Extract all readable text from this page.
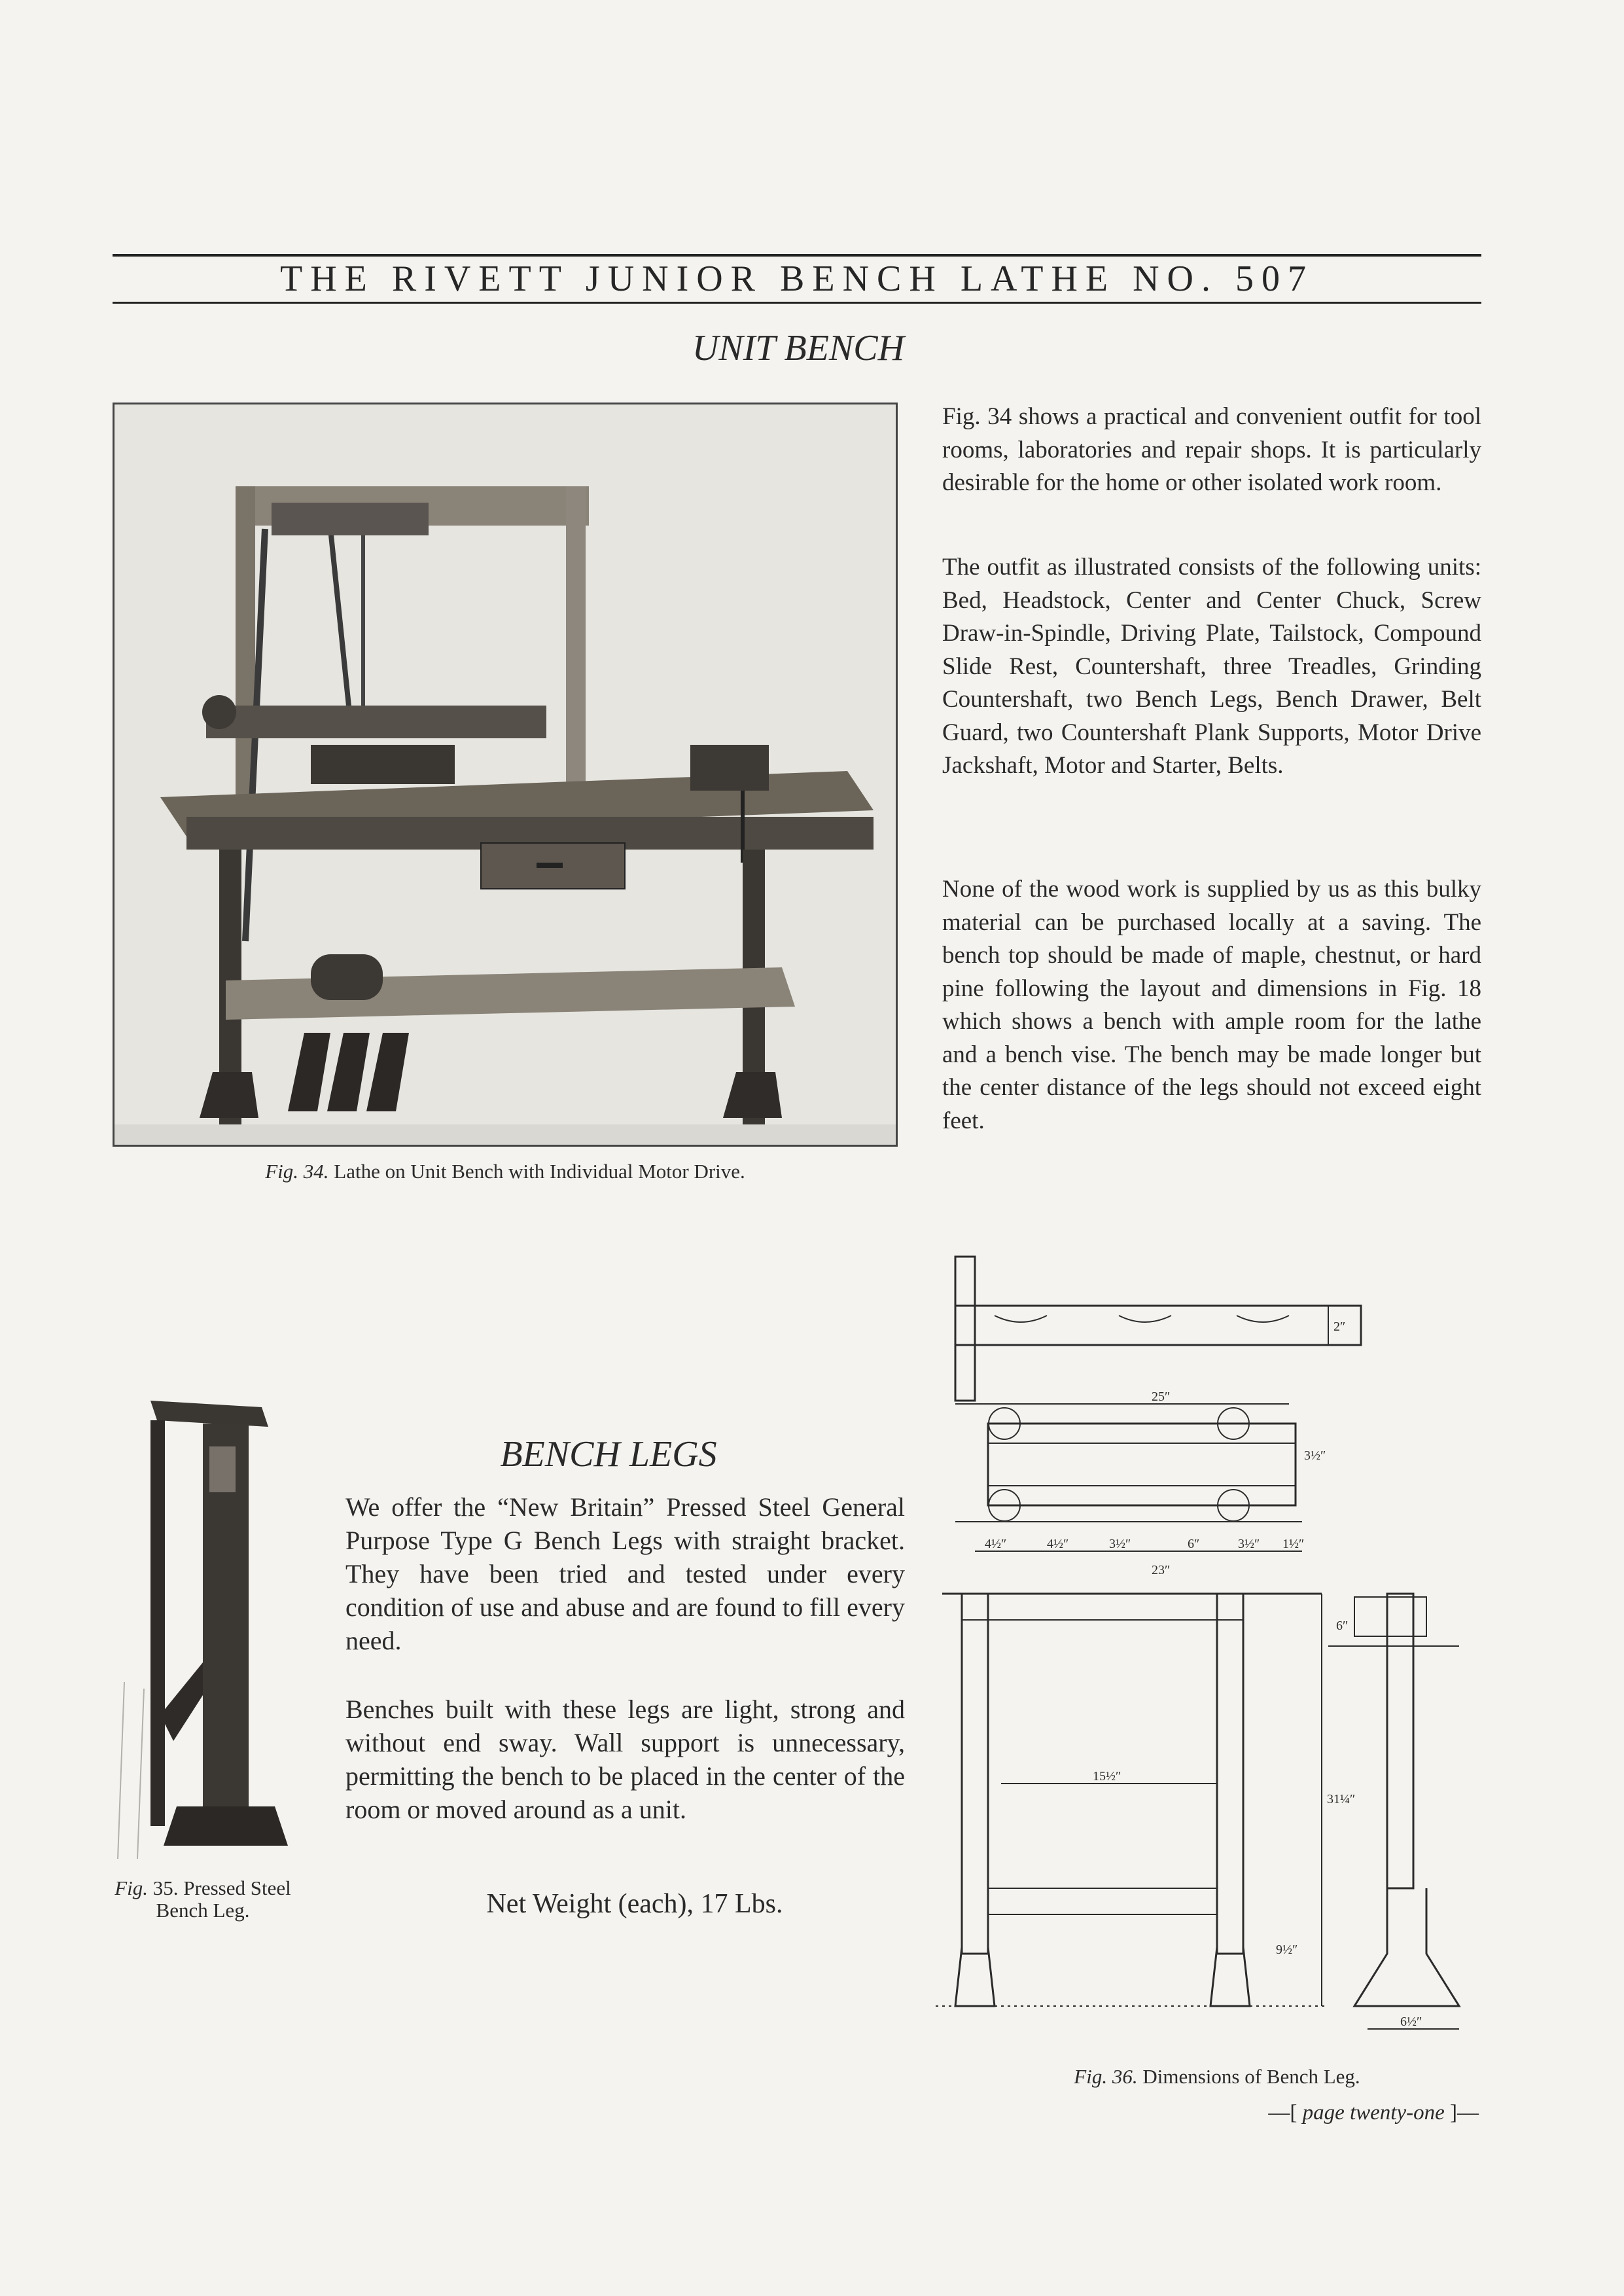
THE RIVETT JUNIOR BENCH LATHE NO. 507
UNIT BENCH
Fig. 34. Lathe on Unit Bench with Individual Motor Drive.
Fig. 34 shows a practical and convenient outfit for tool rooms, laboratories and repair shops. It is particularly desirable for the home or other isolated work room.
The outfit as illustrated consists of the following units: Bed, Headstock, Center and Center Chuck, Screw Draw-in-Spindle, Driving Plate, Tailstock, Compound Slide Rest, Countershaft, three Treadles, Grinding Countershaft, two Bench Legs, Bench Drawer, Belt Guard, two Countershaft Plank Supports, Motor Drive Jackshaft, Motor and Starter, Belts.
None of the wood work is supplied by us as this bulky material can be purchased locally at a saving. The bench top should be made of maple, chestnut, or hard pine following the layout and dimensions in Fig. 18 which shows a bench with ample room for the lathe and a bench vise. The bench may be made longer but the center distance of the legs should not exceed eight feet.
Fig. 35. Pressed Steel
Bench Leg.
BENCH LEGS
We offer the “New Britain” Pressed Steel General Purpose Type G Bench Legs with straight bracket. They have been tried and tested under every condition of use and abuse and are found to fill every need.
Benches built with these legs are light, strong and without end sway. Wall support is unnecessary, permitting the bench to be placed in the center of the room or moved around as a unit.
Net Weight (each), 17 Lbs.
25″
2″
3½″
4½″	4½″	3½″	6″	3½″ 1½″
23″
6″
15½″
31¼″
9½″
6½″
Fig. 36. Dimensions of Bench Leg.
—[ page twenty-one ]—
